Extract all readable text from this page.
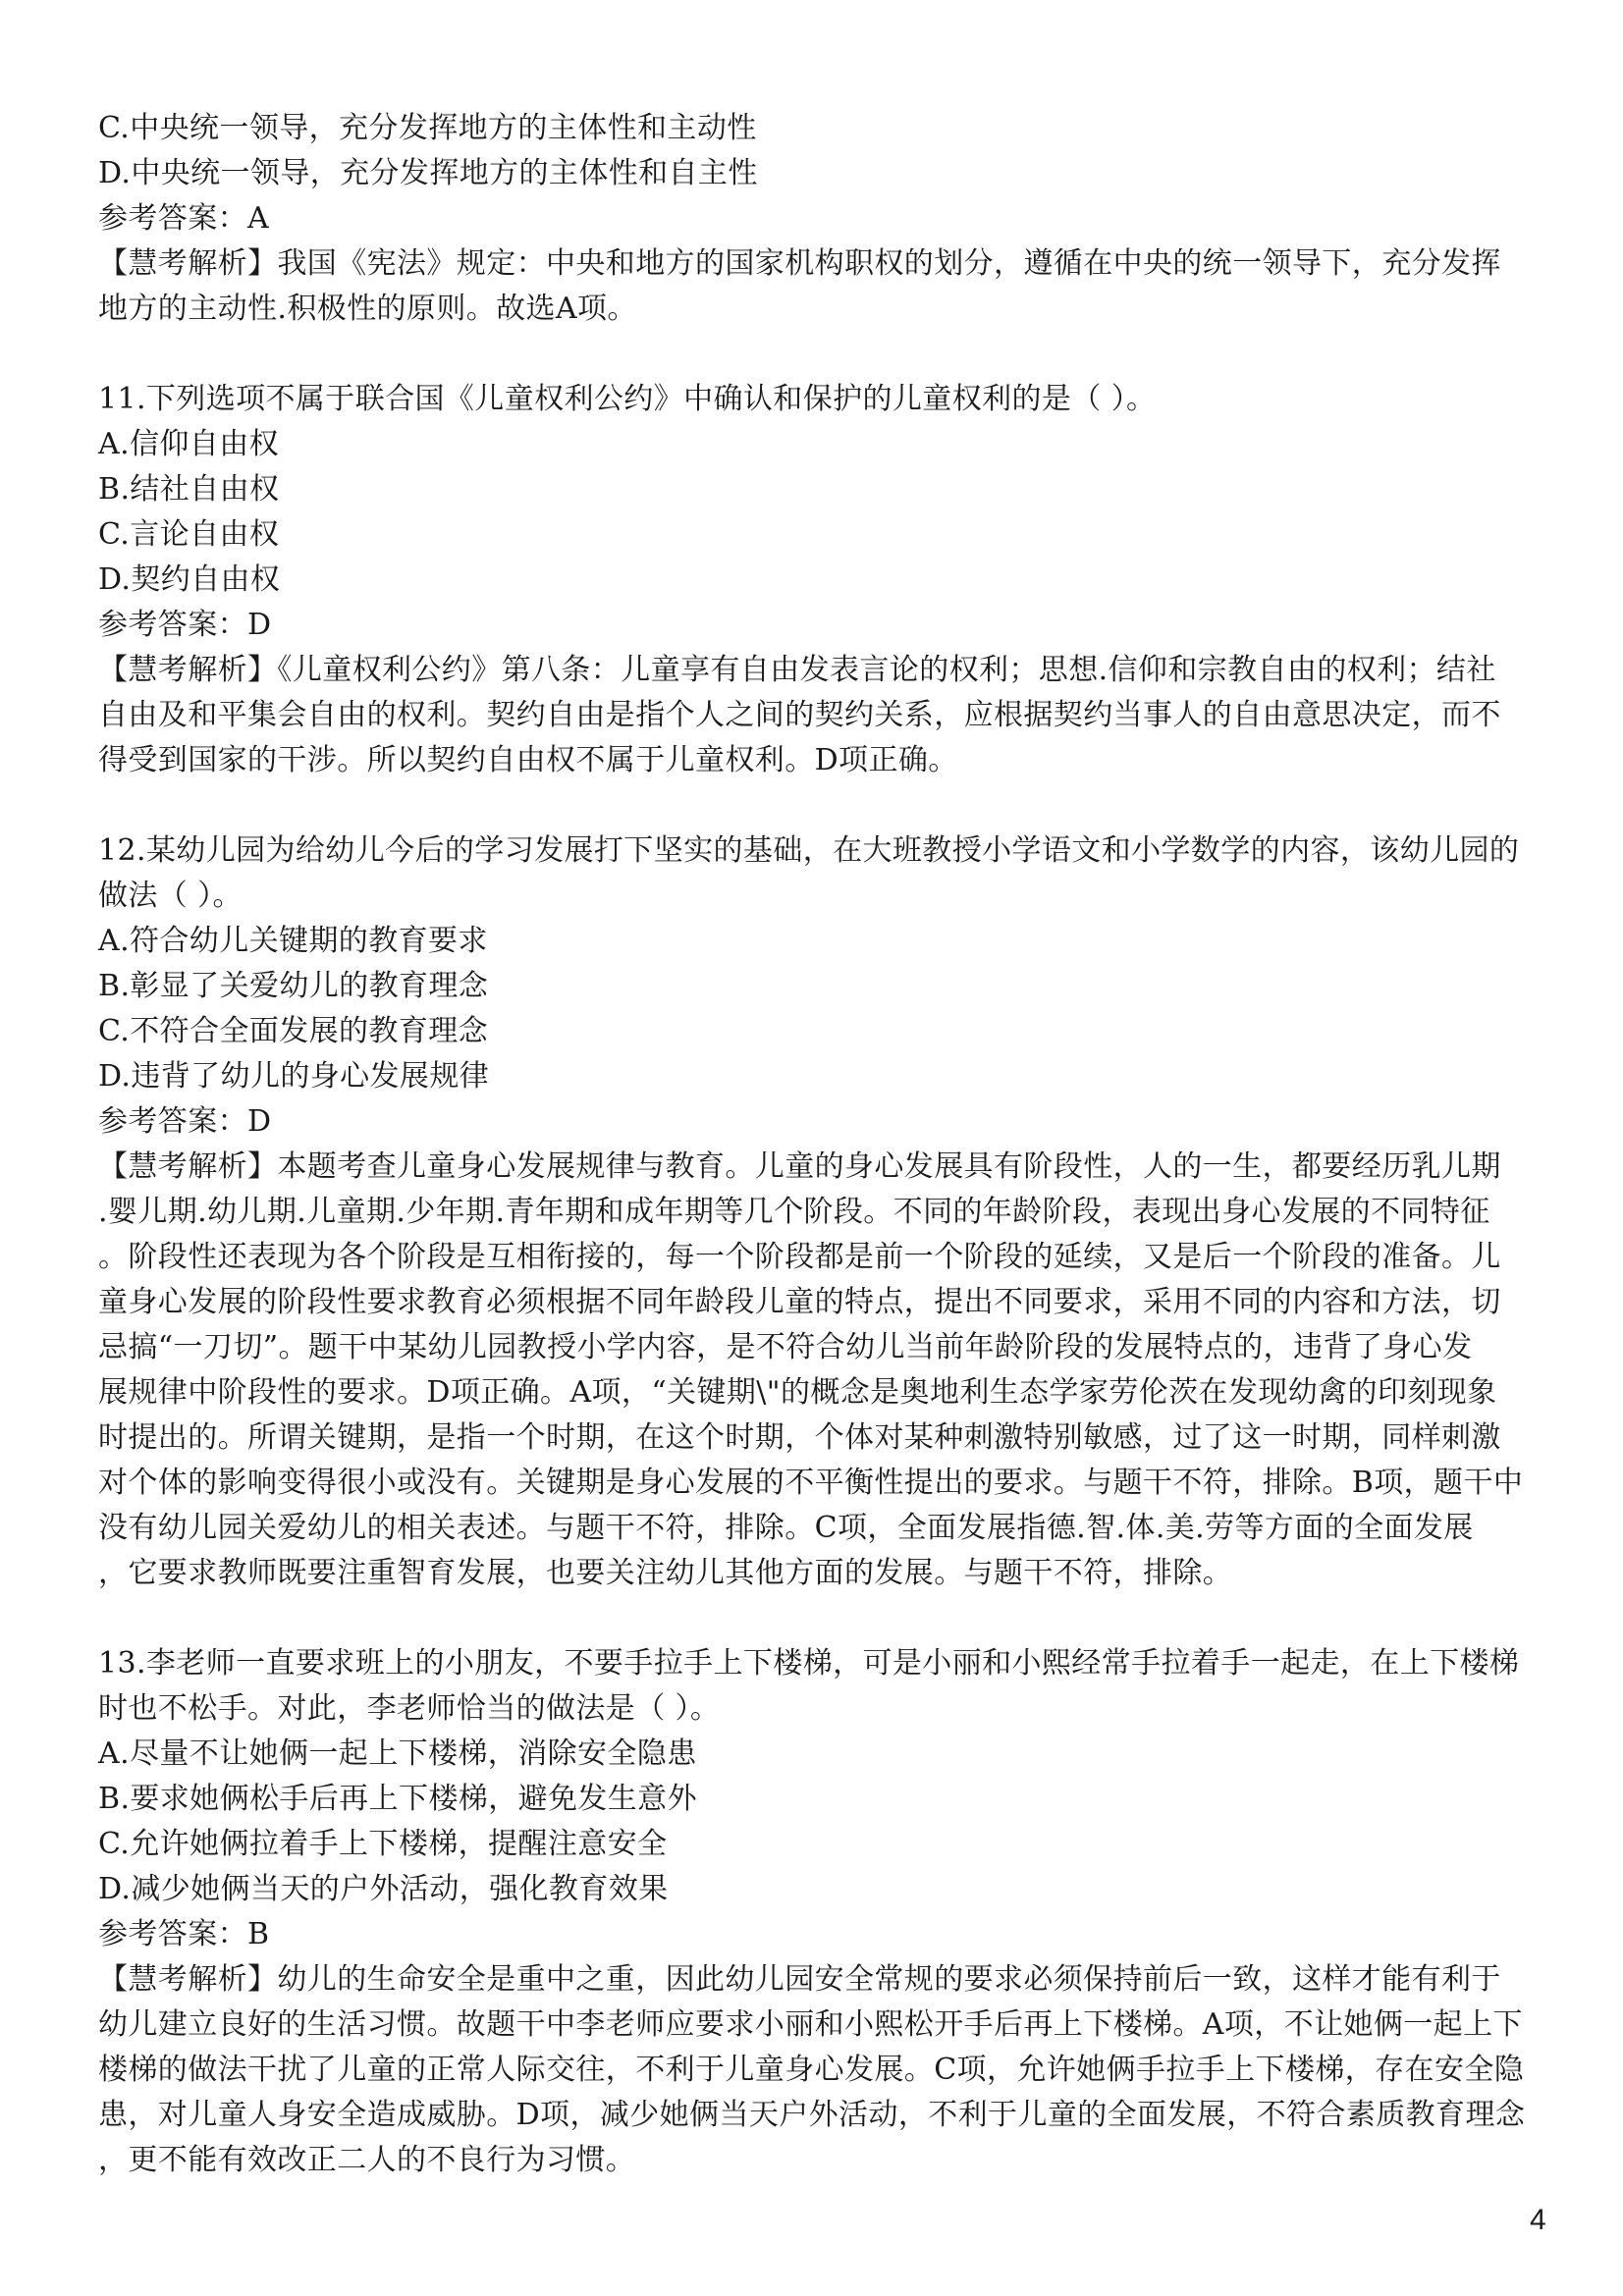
C.中央统一领导，充分发挥地方的主体性和主动性
D.中央统一领导，充分发挥地方的主体性和自主性
参考答案：A
【慧考解析】我国《宪法》规定：中央和地方的国家机构职权的划分，遵循在中央的统一领导下，充分发挥
地方的主动性.积极性的原则。故选A项。
11.下列选项不属于联合国《儿童权利公约》中确认和保护的儿童权利的是（ ）。
A.信仰自由权
B.结社自由权
C.言论自由权
D.契约自由权
参考答案：D
【慧考解析】《儿童权利公约》第八条：儿童享有自由发表言论的权利；思想.信仰和宗教自由的权利；结社
自由及和平集会自由的权利。契约自由是指个人之间的契约关系，应根据契约当事人的自由意思决定，而不
得受到国家的干涉。所以契约自由权不属于儿童权利。D项正确。
12.某幼儿园为给幼儿今后的学习发展打下坚实的基础，在大班教授小学语文和小学数学的内容，该幼儿园的
做法（ ）。
A.符合幼儿关键期的教育要求
B.彰显了关爱幼儿的教育理念
C.不符合全面发展的教育理念
D.违背了幼儿的身心发展规律
参考答案：D
【慧考解析】本题考查儿童身心发展规律与教育。儿童的身心发展具有阶段性，人的一生，都要经历乳儿期
.婴儿期.幼儿期.儿童期.少年期.青年期和成年期等几个阶段。不同的年龄阶段，表现出身心发展的不同特征
。阶段性还表现为各个阶段是互相衔接的，每一个阶段都是前一个阶段的延续，又是后一个阶段的准备。儿
童身心发展的阶段性要求教育必须根据不同年龄段儿童的特点，提出不同要求，采用不同的内容和方法，切
忌搞“一刀切”。题干中某幼儿园教授小学内容，是不符合幼儿当前年龄阶段的发展特点的，违背了身心发
展规律中阶段性的要求。D项正确。A项，“关键期\"的概念是奥地利生态学家劳伦茨在发现幼禽的印刻现象
时提出的。所谓关键期，是指一个时期，在这个时期，个体对某种刺激特别敏感，过了这一时期，同样刺激
对个体的影响变得很小或没有。关键期是身心发展的不平衡性提出的要求。与题干不符，排除。B项，题干中
没有幼儿园关爱幼儿的相关表述。与题干不符，排除。C项，全面发展指德.智.体.美.劳等方面的全面发展
，它要求教师既要注重智育发展，也要关注幼儿其他方面的发展。与题干不符，排除。
13.李老师一直要求班上的小朋友，不要手拉手上下楼梯，可是小丽和小熙经常手拉着手一起走，在上下楼梯
时也不松手。对此，李老师恰当的做法是（ ）。
A.尽量不让她俩一起上下楼梯，消除安全隐患
B.要求她俩松手后再上下楼梯，避免发生意外
C.允许她俩拉着手上下楼梯，提醒注意安全
D.减少她俩当天的户外活动，强化教育效果
参考答案：B
【慧考解析】幼儿的生命安全是重中之重，因此幼儿园安全常规的要求必须保持前后一致，这样才能有利于
幼儿建立良好的生活习惯。故题干中李老师应要求小丽和小熙松开手后再上下楼梯。A项，不让她俩一起上下
楼梯的做法干扰了儿童的正常人际交往，不利于儿童身心发展。C项，允许她俩手拉手上下楼梯，存在安全隐
患，对儿童人身安全造成威胁。D项，减少她俩当天户外活动，不利于儿童的全面发展，不符合素质教育理念
，更不能有效改正二人的不良行为习惯。
4
